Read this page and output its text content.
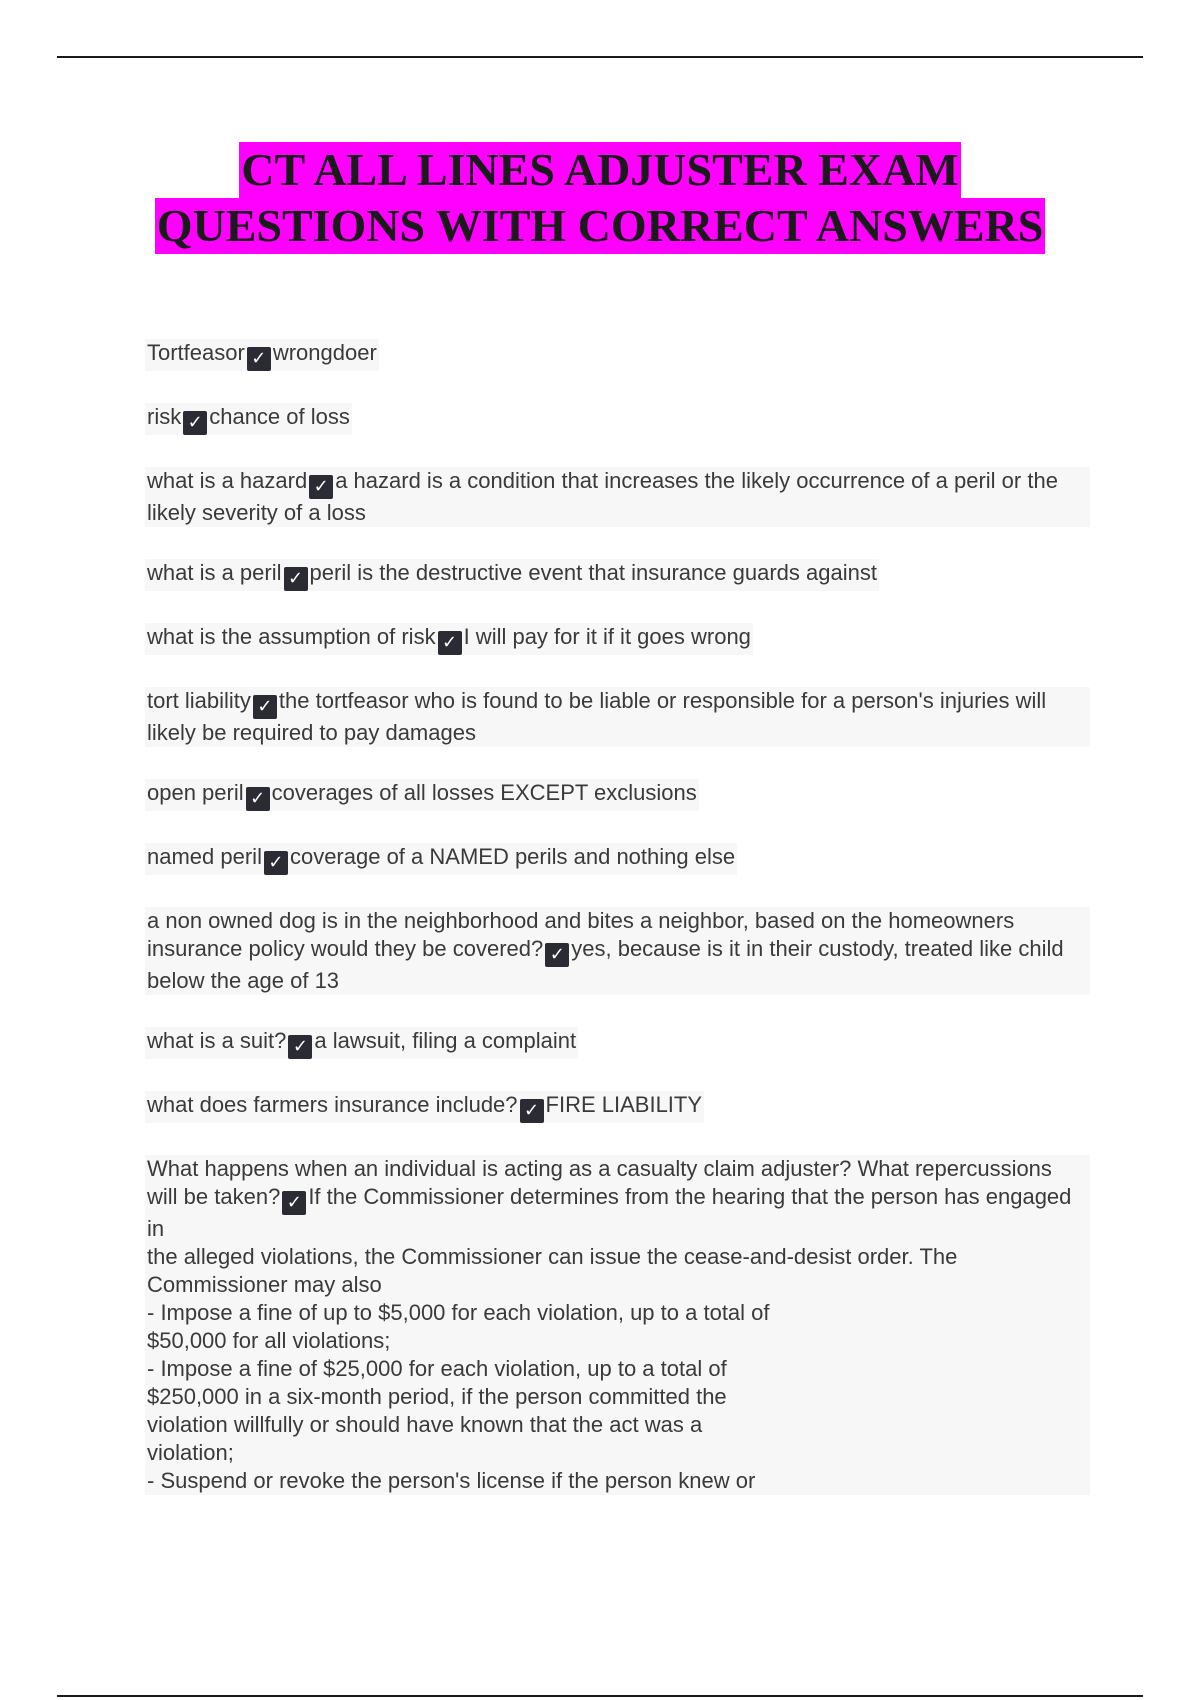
CT ALL LINES ADJUSTER EXAM
QUESTIONS WITH CORRECT ANSWERS
Tortfeasor ✓ wrongdoer
risk ✓ chance of loss
what is a hazard ✓ a hazard is a condition that increases the likely occurrence of a peril or the likely severity of a loss
what is a peril ✓ peril is the destructive event that insurance guards against
what is the assumption of risk ✓ I will pay for it if it goes wrong
tort liability ✓ the tortfeasor who is found to be liable or responsible for a person's injuries will likely be required to pay damages
open peril ✓ coverages of all losses EXCEPT exclusions
named peril ✓ coverage of a NAMED perils and nothing else
a non owned dog is in the neighborhood and bites a neighbor, based on the homeowners insurance policy would they be covered? ✓ yes, because is it in their custody, treated like child below the age of 13
what is a suit? ✓ a lawsuit, filing a complaint
what does farmers insurance include? ✓ FIRE LIABILITY
What happens when an individual is acting as a casualty claim adjuster? What repercussions will be taken? ✓ If the Commissioner determines from the hearing that the person has engaged in
the alleged violations, the Commissioner can issue the cease-and-desist order. The Commissioner may also
- Impose a fine of up to $5,000 for each violation, up to a total of
$50,000 for all violations;
- Impose a fine of $25,000 for each violation, up to a total of
$250,000 in a six-month period, if the person committed the
violation willfully or should have known that the act was a
violation;
- Suspend or revoke the person's license if the person knew or
